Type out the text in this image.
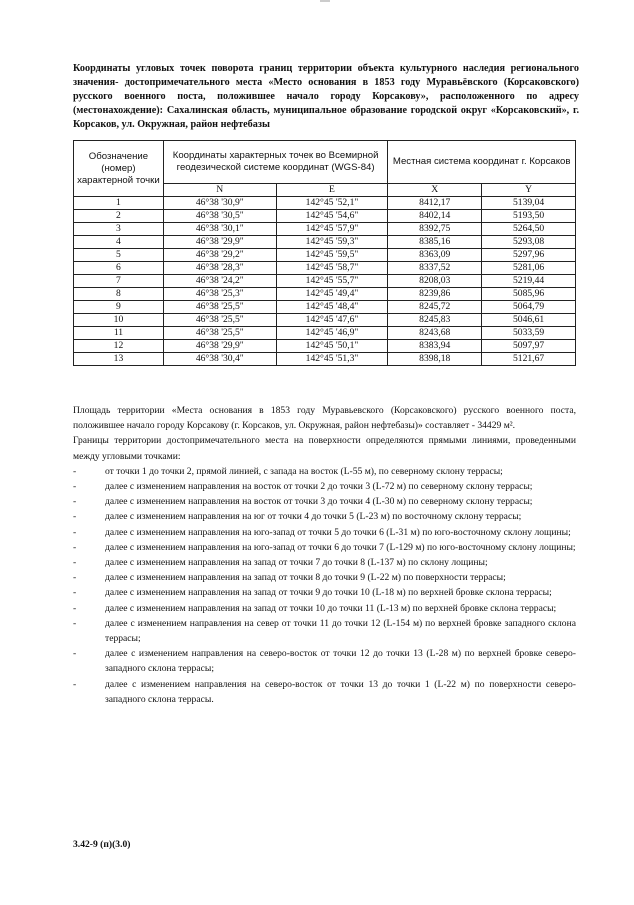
Координаты угловых точек поворота границ территории объекта культурного наследия регионального значения- достопримечательного места «Место основания в 1853 году Муравьёвского (Корсаковского) русского военного поста, положившее начало городу Корсакову», расположенного по адресу (местонахождение): Сахалинская область, муниципальное образование городской округ «Корсаковский», г. Корсаков, ул. Окружная, район нефтебазы
Обозначение (номер) характерной точки	Координаты характерных точек во Всемирной геодезической системе координат (WGS-84)		Местная система координат г. Корсаков	
	N	E	X	Y
1	46°38 '30,9"	142°45 '52,1"	8412,17	5139,04
2	46°38 '30,5"	142°45 '54,6"	8402,14	5193,50
3	46°38 '30,1"	142°45 '57,9"	8392,75	5264,50
4	46°38 '29,9"	142°45 '59,3"	8385,16	5293,08
5	46°38 '29,2"	142°45 '59,5"	8363,09	5297,96
6	46°38 '28,3"	142°45 '58,7"	8337,52	5281,06
7	46°38 '24,2"	142°45 '55,7"	8208,03	5219,44
8	46°38 '25,3"	142°45 '49,4"	8239,86	5085,96
9	46°38 '25,5"	142°45 '48,4"	8245,72	5064,79
10	46°38 '25,5"	142°45 '47,6"	8245,83	5046,61
11	46°38 '25,5"	142°45 '46,9"	8243,68	5033,59
12	46°38 '29,9"	142°45 '50,1"	8383,94	5097,97
13	46°38 '30,4"	142°45 '51,3"	8398,18	5121,67

Площадь территории «Места основания в 1853 году Муравьевского (Корсаковского) русского военного поста, положившее начало городу Корсакову (г. Корсаков, ул. Окружная, район нефтебазы)» составляет - 34429 м².

Границы территории достопримечательного места на поверхности определяются прямыми линиями, проведенными между угловыми точками:

-	от точки 1 до точки 2, прямой линией, с запада на восток (L-55 м), по северному склону террасы;
-	далее с изменением направления на восток от точки 2 до точки 3 (L-72 м) по северному склону террасы;
-	далее с изменением направления на восток от точки 3 до точки 4 (L-30 м) по северному склону террасы;
-	далее с изменением направления на юг от точки 4 до точки 5 (L-23 м) по восточному склону террасы;
-	далее с изменением направления на юго-запад от точки 5 до точки 6 (L-31 м) по юго-восточному склону лощины;
-	далее с изменением направления на юго-запад от точки 6 до точки 7 (L-129 м) по юго-восточному склону лощины;
-	далее с изменением направления на запад от точки 7 до точки 8 (L-137 м) по склону лощины;
-	далее с изменением направления на запад от точки 8 до точки 9 (L-22 м) по поверхности террасы;
-	далее с изменением направления на запад от точки 9 до точки 10 (L-18 м) по верхней бровке склона террасы;
-	далее с изменением направления на запад от точки 10 до точки 11 (L-13 м) по верхней бровке склона террасы;
-	далее с изменением направления на север от точки 11 до точки 12 (L-154 м) по верхней бровке западного склона террасы;
-	далее с изменением направления на северо-восток от точки 12 до точки 13 (L-28 м) по верхней бровке северо-западного склона террасы;
-	далее с изменением направления на северо-восток от точки 13 до точки 1 (L-22 м) по поверхности северо-западного склона террасы.
3.42-9 (п)(3.0)
